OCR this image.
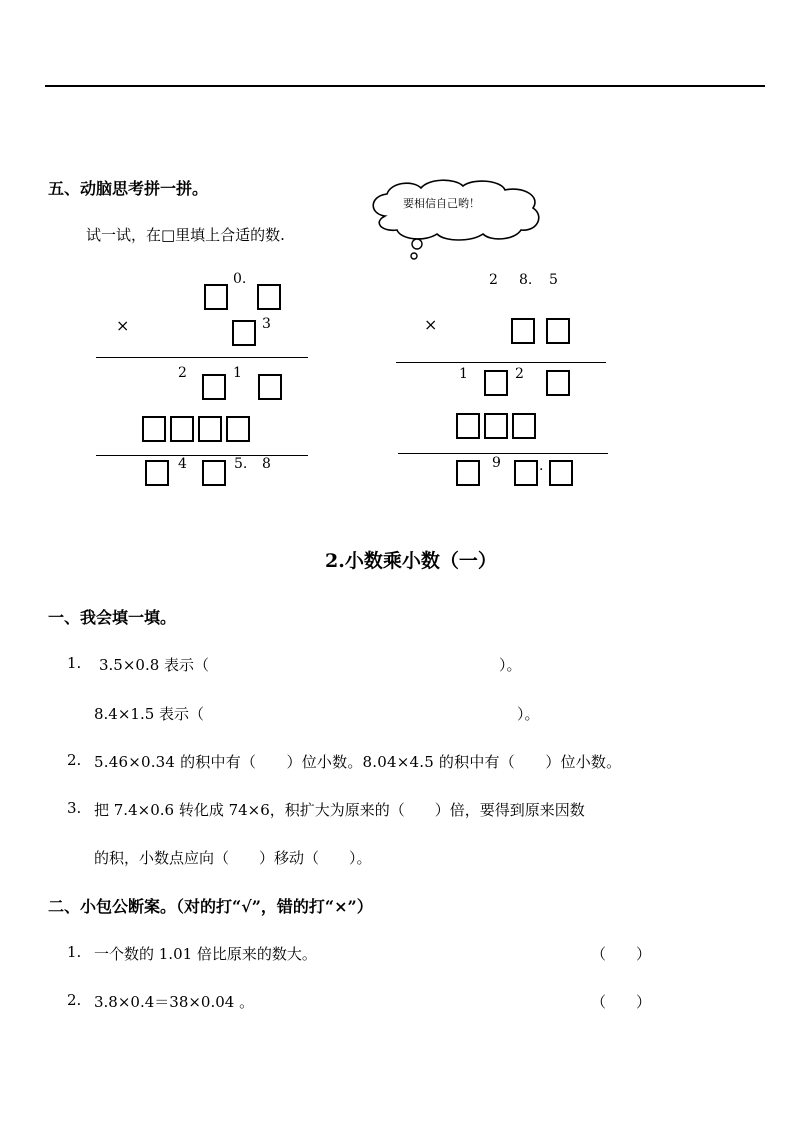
五、动脑思考拼一拼。
试一试，在□里填上合适的数.
要相信自己哟！
0.
×	3
2	1
4	5. 8
2 8. 5
×
1	2
9	.
2.小数乘小数（一）
一、我会填一填。
1. 3.5×0.8 表示（	）。
8.4×1.5 表示（	）。
2. 5.46×0.34 的积中有（　　）位小数。8.04×4.5 的积中有（　　）位小数。
3. 把 7.4×0.6 转化成 74×6，积扩大为原来的（　　）倍，要得到原来因数
的积，小数点应向（　　）移动（　　）。
二、小包公断案。（对的打“√”，错的打“×”）
1. 一个数的 1.01 倍比原来的数大。	（　　）
2. 3.8×0.4＝38×0.04 。	（　　）
